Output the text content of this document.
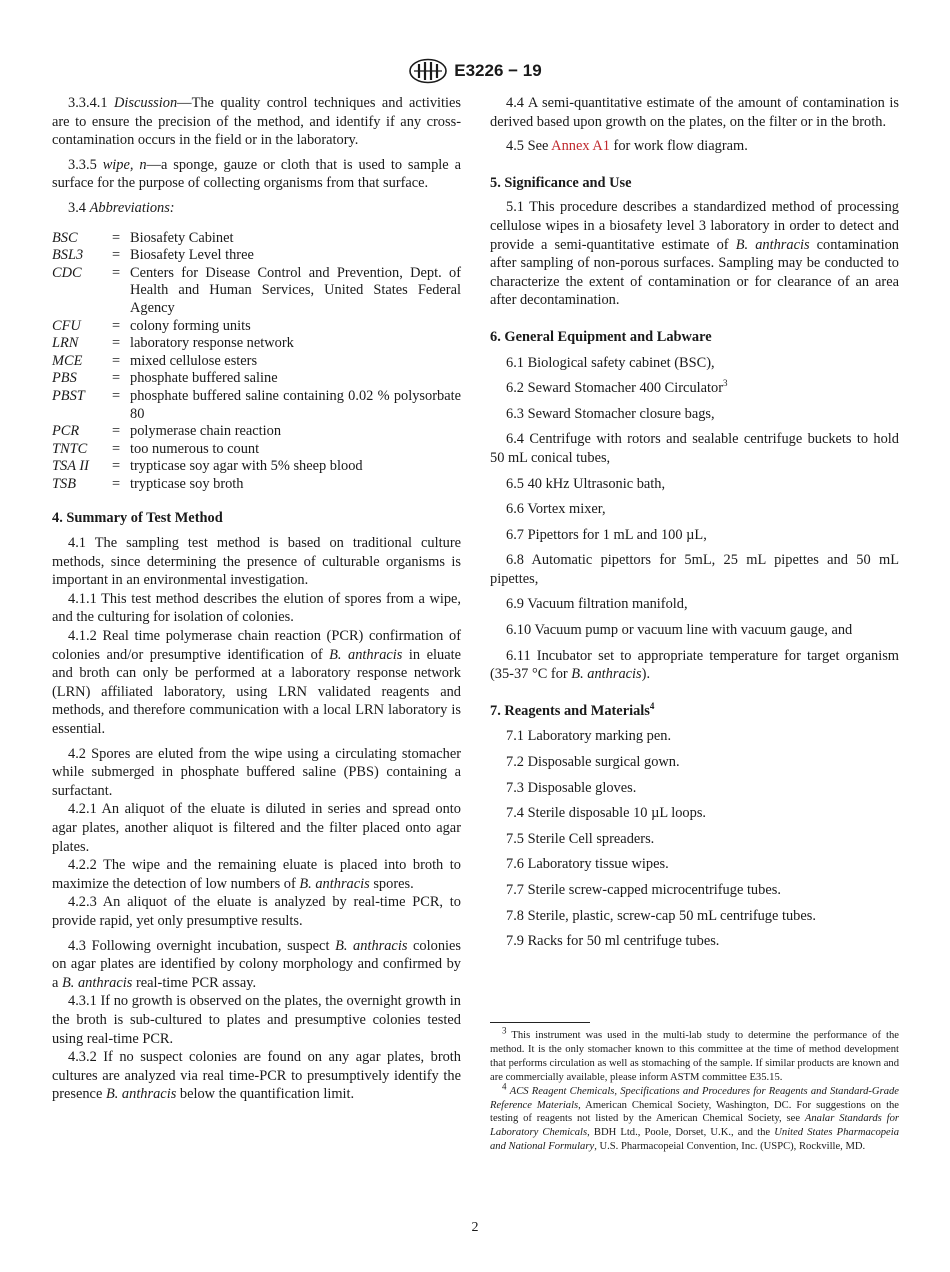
E3226 − 19

3.3.4.1 Discussion—The quality control techniques and activities are to ensure the precision of the method, and identify if any cross-contamination occurs in the field or in the laboratory.

3.3.5 wipe, n—a sponge, gauze or cloth that is used to sample a surface for the purpose of collecting organisms from that surface.

3.4 Abbreviations:

BSC	=	Biosafety Cabinet
BSL3	=	Biosafety Level three
CDC	=	Centers for Disease Control and Prevention, Dept. of Health and Human Services, United States Federal Agency
CFU	=	colony forming units
LRN	=	laboratory response network
MCE	=	mixed cellulose esters
PBS	=	phosphate buffered saline
PBST	=	phosphate buffered saline containing 0.02 % polysorbate 80
PCR	=	polymerase chain reaction
TNTC	=	too numerous to count
TSA II	=	trypticase soy agar with 5% sheep blood
TSB	=	trypticase soy broth
4. Summary of Test Method

4.1 The sampling test method is based on traditional culture methods, since determining the presence of culturable organisms is important in an environmental investigation.

4.1.1 This test method describes the elution of spores from a wipe, and the culturing for isolation of colonies.

4.1.2 Real time polymerase chain reaction (PCR) confirmation of colonies and/or presumptive identification of B. anthracis in eluate and broth can only be performed at a laboratory response network (LRN) affiliated laboratory, using LRN validated reagents and methods, and therefore communication with a local LRN laboratory is essential.

4.2 Spores are eluted from the wipe using a circulating stomacher while submerged in phosphate buffered saline (PBS) containing a surfactant.

4.2.1 An aliquot of the eluate is diluted in series and spread onto agar plates, another aliquot is filtered and the filter placed onto agar plates.

4.2.2 The wipe and the remaining eluate is placed into broth to maximize the detection of low numbers of B. anthracis spores.

4.2.3 An aliquot of the eluate is analyzed by real-time PCR, to provide rapid, yet only presumptive results.

4.3 Following overnight incubation, suspect B. anthracis colonies on agar plates are identified by colony morphology and confirmed by a B. anthracis real-time PCR assay.

4.3.1 If no growth is observed on the plates, the overnight growth in the broth is sub-cultured to plates and presumptive colonies tested using real-time PCR.

4.3.2 If no suspect colonies are found on any agar plates, broth cultures are analyzed via real time-PCR to presumptively identify the presence B. anthracis below the quantification limit.

4.4 A semi-quantitative estimate of the amount of contamination is derived based upon growth on the plates, on the filter or in the broth.

4.5 See Annex A1 for work flow diagram.

5. Significance and Use

5.1 This procedure describes a standardized method of processing cellulose wipes in a biosafety level 3 laboratory in order to detect and provide a semi-quantitative estimate of B. anthracis contamination after sampling of non-porous surfaces. Sampling may be conducted to characterize the extent of contamination or for clearance of an area after decontamination.

6. General Equipment and Labware

6.1 Biological safety cabinet (BSC),

6.2 Seward Stomacher 400 Circulator$^3$

6.3 Seward Stomacher closure bags,

6.4 Centrifuge with rotors and sealable centrifuge buckets to hold 50 mL conical tubes,

6.5 40 kHz Ultrasonic bath,

6.6 Vortex mixer,

6.7 Pipettors for 1 mL and 100 µL,

6.8 Automatic pipettors for 5mL, 25 mL pipettes and 50 mL pipettes,

6.9 Vacuum filtration manifold,

6.10 Vacuum pump or vacuum line with vacuum gauge, and

6.11 Incubator set to appropriate temperature for target organism (35-37 °C for B. anthracis).

7. Reagents and Materials$^4$

7.1 Laboratory marking pen.

7.2 Disposable surgical gown.

7.3 Disposable gloves.

7.4 Sterile disposable 10 µL loops.

7.5 Sterile Cell spreaders.

7.6 Laboratory tissue wipes.

7.7 Sterile screw-capped microcentrifuge tubes.

7.8 Sterile, plastic, screw-cap 50 mL centrifuge tubes.

7.9 Racks for 50 ml centrifuge tubes.

$^3$ This instrument was used in the multi-lab study to determine the performance of the method. It is the only stomacher known to this committee at the time of method development that performs circulation as well as stomaching of the sample. If similar products are known and are commercially available, please inform ASTM committee E35.15.

$^4$ ACS Reagent Chemicals, Specifications and Procedures for Reagents and Standard-Grade Reference Materials, American Chemical Society, Washington, DC. For suggestions on the testing of reagents not listed by the American Chemical Society, see Analar Standards for Laboratory Chemicals, BDH Ltd., Poole, Dorset, U.K., and the United States Pharmacopeia and National Formulary, U.S. Pharmacopeial Convention, Inc. (USPC), Rockville, MD.

2
